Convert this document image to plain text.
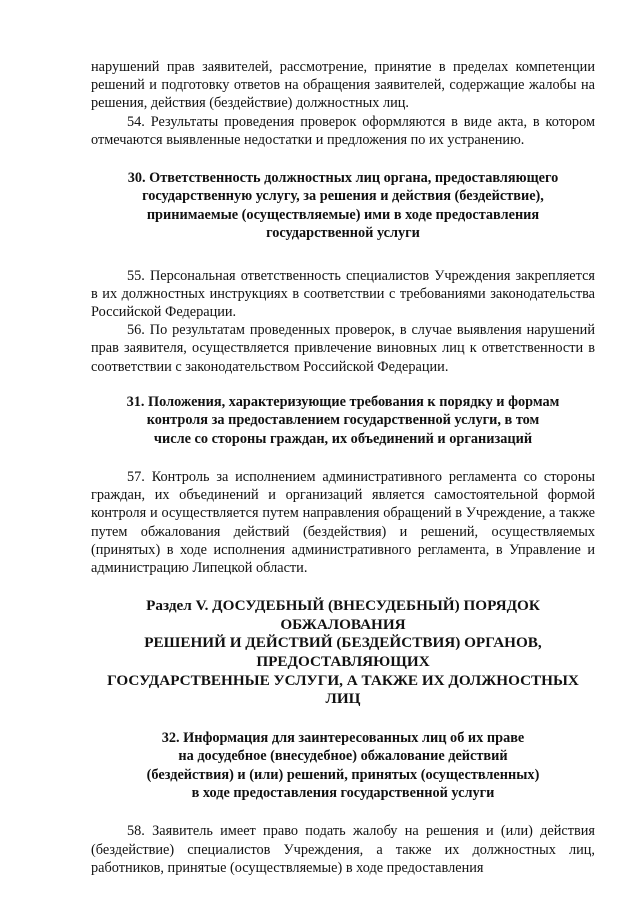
нарушений прав заявителей, рассмотрение, принятие в пределах компетенции решений и подготовку ответов на обращения заявителей, содержащие жалобы на решения, действия (бездействие) должностных лиц.

54. Результаты проведения проверок оформляются в виде акта, в котором отмечаются выявленные недостатки и предложения по их устранению.

30. Ответственность должностных лиц органа, предоставляющего
государственную услугу, за решения и действия (бездействие),
принимаемые (осуществляемые) ими в ходе предоставления
государственной услуги

55. Персональная ответственность специалистов Учреждения закрепляется в их должностных инструкциях в соответствии с требованиями законодательства Российской Федерации.

56. По результатам проведенных проверок, в случае выявления нарушений прав заявителя, осуществляется привлечение виновных лиц к ответственности в соответствии с законодательством Российской Федерации.

31. Положения, характеризующие требования к порядку и формам
контроля за предоставлением государственной услуги, в том
числе со стороны граждан, их объединений и организаций

57. Контроль за исполнением административного регламента со стороны граждан, их объединений и организаций является самостоятельной формой контроля и осуществляется путем направления обращений в Учреждение, а также путем обжалования действий (бездействия) и решений, осуществляемых (принятых) в ходе исполнения административного регламента, в Управление и администрацию Липецкой области.

Раздел V. ДОСУДЕБНЫЙ (ВНЕСУДЕБНЫЙ) ПОРЯДОК
ОБЖАЛОВАНИЯ
РЕШЕНИЙ И ДЕЙСТВИЙ (БЕЗДЕЙСТВИЯ) ОРГАНОВ,
ПРЕДОСТАВЛЯЮЩИХ
ГОСУДАРСТВЕННЫЕ УСЛУГИ, А ТАКЖЕ ИХ ДОЛЖНОСТНЫХ
ЛИЦ
32. Информация для заинтересованных лиц об их праве
на досудебное (внесудебное) обжалование действий
(бездействия) и (или) решений, принятых (осуществленных)
в ходе предоставления государственной услуги

58. Заявитель имеет право подать жалобу на решения и (или) действия (бездействие) специалистов Учреждения, а также их должностных лиц, работников, принятые (осуществляемые) в ходе предоставления
